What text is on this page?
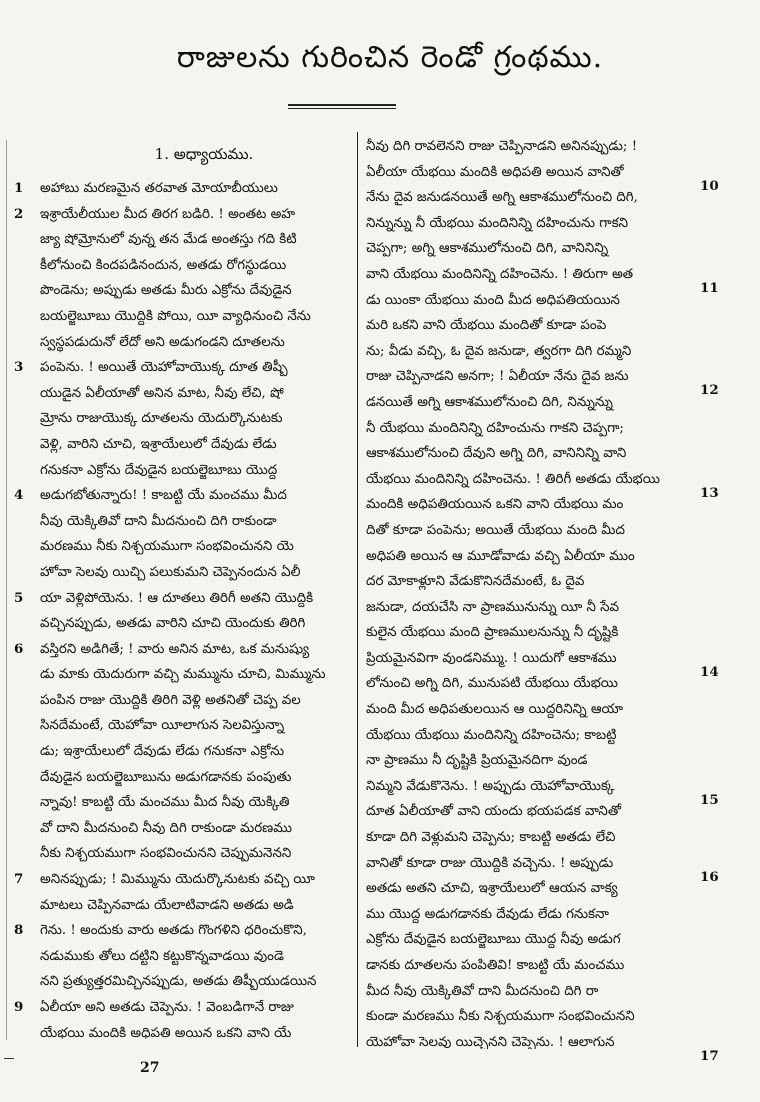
రాజులను గురించిన రెండో గ్రంథము.
1. అధ్యాయము.
1	అహాబు మరణమైన తరవాత మోయాబీయులు
2	ఇశ్రాయేలీయుల మీద తిరగ బడిరి. ! అంతట అహ
జ్యా షోమ్రోనులో వున్న తన మేడ అంతస్తు గది కిటి
కీలోనుంచి కిందపడినందున, అతడు రోగస్థుడయి
పొండెను; అప్పుడు అతడు మీరు ఎక్రోను దేవుడైన
బయల్జెబూబు యొద్దికి పోయి, యీ వ్యాధినుంచి నేను
స్వస్థపడుదునో లేదో అని అడుగండని దూతలను
3	పంపెను. ! అయితే యెహోవాయొక్క దూత తిష్బీ
యుడైన ఏలీయాతో అనిన మాట, నీవు లేచి, షో
మ్రోను రాజుయొక్క దూతలను యెదుర్కొనుటకు
వెళ్లి, వారిని చూచి, ఇశ్రాయేలులో దేవుడు లేడు
గనుకనా ఎక్రోను దేవుడైన బయల్జెబూబు యొద్ద
4	అడుగబోతున్నారు! ! కాబట్టి యే మంచము మీద
నీవు యెక్కితివో దాని మీదనుంచి దిగి రాకుండా
మరణము నీకు నిశ్చయముగా సంభవించునని యె
హోవా సెలవు యిచ్చి పలుకుమని చెప్పెనందున ఏలీ
5	యా వెళ్లిపోయెను. ! ఆ దూతలు తిరిగీ అతని యొద్దికి
వచ్చినప్పుడు, అతడు వారిని చూచి యెందుకు తిరిగి
6	వస్తిరని అడిగితే; ! వారు అనిన మాట, ఒక మనుష్యు
డు మాకు యెదురుగా వచ్చి మమ్మును చూచి, మిమ్మును
పంపిన రాజు యొద్దికి తిరిగి వెళ్లి అతనితో చెప్ప వల
సినదేమంటే, యెహోవా యీలాగున సెలవిస్తున్నా
డు; ఇశ్రాయేలులో దేవుడు లేడు గనుకనా ఎక్రోను
దేవుడైన బయల్జెబూబును అడుగడానకు పంపుతు
న్నావు! కాబట్టి యే మంచము మీద నీవు యెక్కితి
వో దాని మీదనుంచి నీవు దిగి రాకుండా మరణము
నీకు నిశ్చయముగా సంభవించునని చెప్పుమనెనని
7	అనినప్పుడు; ! మిమ్మును యెదుర్కొనుటకు వచ్చి యీ
మాటలు చెప్పినవాడు యేలాటివాడని అతడు అడి
8	గెను. ! అందుకు వారు అతడు గొంగళిని ధరించుకొని,
నడుముకు తోలు దట్టిని కట్టుకొన్నవాడయి వుండె
నని ప్రత్యుత్తరమిచ్చినప్పుడు, అతడు తిష్బీయుడయిన
9	ఏలీయా అని అతడు చెప్పెను. ! వెంబడిగానే రాజు
యేభయి మందికి అధిపతి అయిన ఒకని వాని యే
నీవు దిగి రావలెనని రాజు చెప్పినాడని అనినప్పుడు; !
ఏలీయా యేభయి మందికి అధిపతి అయిన వానితో
నేను దైవ జనుడనయితే అగ్ని ఆకాశములోనుంచి దిగి,
నిన్నున్ను నీ యేభయి మందినిన్ని దహించును గాకని
చెప్పగా; అగ్ని ఆకాశములోనుంచి దిగి, వానినిన్ని
వాని యేభయి మందినిన్ని దహించెను. ! తిరుగా అత
డు యింకా యేభయి మంది మీద అధిపతియయిన
మరి ఒకని వాని యేభయి మందితో కూడా పంపె
ను; వీడు వచ్చి, ఓ దైవ జనుడా, త్వరగా దిగి రమ్మని
రాజు చెప్పినాడని అనగా; ! ఏలీయా నేను దైవ జను
డనయితే అగ్ని ఆకాశములోనుంచి దిగి, నిన్నున్ను
నీ యేభయి మందినిన్ని దహించును గాకని చెప్పగా;
ఆకాశములోనుంచి దేవుని అగ్ని దిగి, వానినిన్ని వాని
యేభయి మందినిన్ని దహించెను. ! తిరిగీ అతడు యేభయి
మందికి అధిపతియయిన ఒకని వాని యేభయి మం
దితో కూడా పంపెను; అయితే యేభయి మంది మీద
అధిపతి అయిన ఆ మూడోవాడు వచ్చి ఏలీయా ముం
దర మోకాళ్లూని వేడుకొనినదేమంటే, ఓ దైవ
జనుడా, దయచేసి నా ప్రాణమునున్ను యీ నీ సేవ
కులైన యేభయి మంది ప్రాణములనున్ను నీ దృష్టికి
ప్రియమైనవిగా వుండనిమ్ము. ! యిదుగో ఆకాశము
లోనుంచి అగ్ని దిగి, మునుపటి యేభయి యేభయి
మంది మీద అధిపతులయిన ఆ యిద్దరినిన్ని ఆయా
యేభయి యేభయి మందినిన్ని దహించెను; కాబట్టి
నా ప్రాణము నీ దృష్టికి ప్రియమైనదిగా వుండ
నిమ్మని వేడుకొనెను. ! అప్పుడు యెహోవాయొక్క
దూత ఏలీయాతో వాని యందు భయపడక వానితో
కూడా దిగి వెళ్లుమని చెప్పెను; కాబట్టి అతడు లేచి
వానితో కూడా రాజు యొద్దికి వచ్చెను. ! అప్పుడు
అతడు అతని చూచి, ఇశ్రాయేలులో ఆయన వాక్య
ము యొద్ద అడుగడానకు దేవుడు లేడు గనుకనా
ఎక్రోను దేవుడైన బయల్జెబూబు యొద్ద నీవు అడుగ
డానకు దూతలను పంపితివి! కాబట్టి యే మంచము
మీద నీవు యెక్కితివో దాని మీదనుంచి దిగి రా
కుండా మరణము నీకు నిశ్చయముగా సంభవించునని
యెహోవా సెలవు యిచ్చెనని చెప్పెను. ! ఆలాగున
10
11
12
13
14
15
16
17
27
